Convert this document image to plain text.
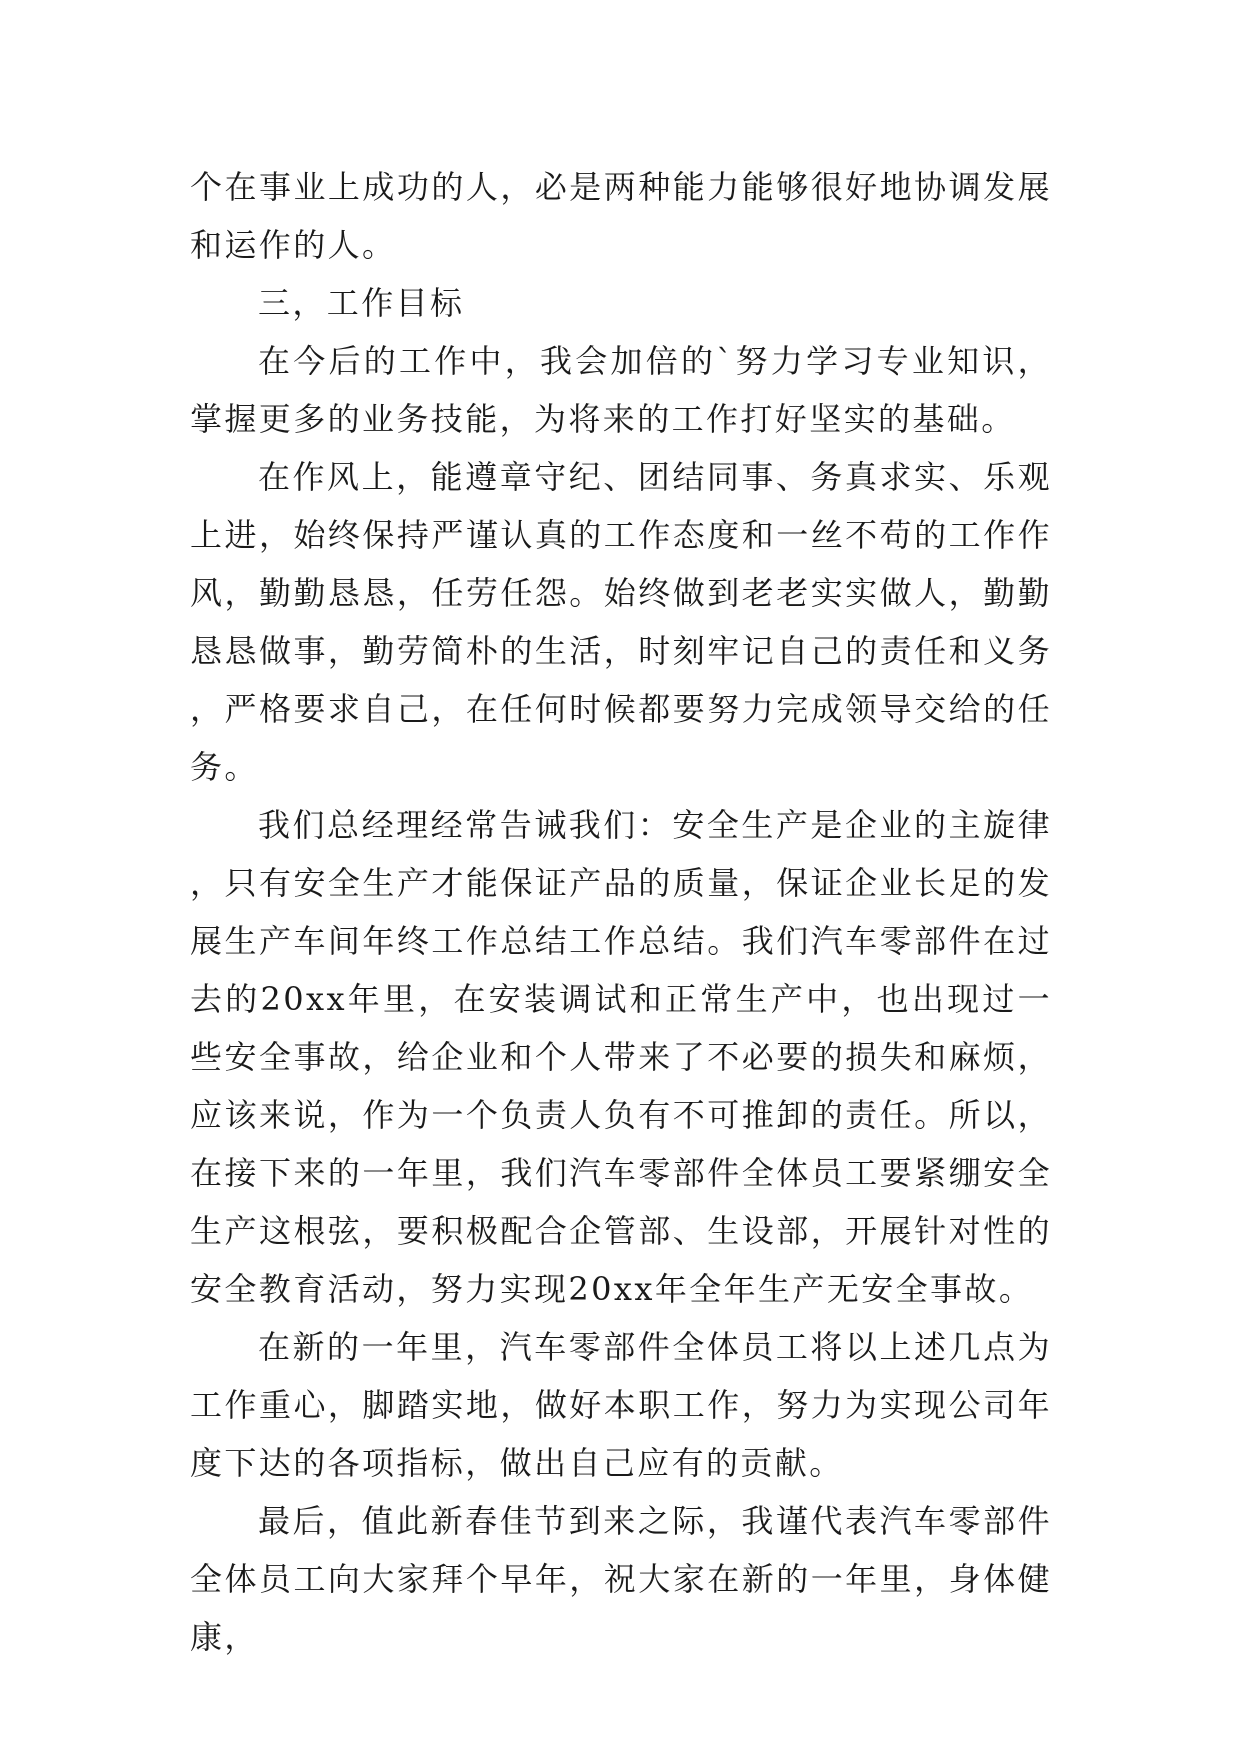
个在事业上成功的人，必是两种能力能够很好地协调发展和运作的人。

三，工作目标

在今后的工作中，我会加倍的`努力学习专业知识，掌握更多的业务技能，为将来的工作打好坚实的基础。

在作风上，能遵章守纪、团结同事、务真求实、乐观上进，始终保持严谨认真的工作态度和一丝不苟的工作作风，勤勤恳恳，任劳任怨。始终做到老老实实做人，勤勤恳恳做事，勤劳简朴的生活，时刻牢记自己的责任和义务，严格要求自己，在任何时候都要努力完成领导交给的任务。

我们总经理经常告诫我们：安全生产是企业的主旋律，只有安全生产才能保证产品的质量，保证企业长足的发展生产车间年终工作总结工作总结。我们汽车零部件在过去的20xx年里，在安装调试和正常生产中，也出现过一些安全事故，给企业和个人带来了不必要的损失和麻烦，应该来说，作为一个负责人负有不可推卸的责任。所以，在接下来的一年里，我们汽车零部件全体员工要紧绷安全生产这根弦，要积极配合企管部、生设部，开展针对性的安全教育活动，努力实现20xx年全年生产无安全事故。

在新的一年里，汽车零部件全体员工将以上述几点为工作重心，脚踏实地，做好本职工作，努力为实现公司年度下达的各项指标，做出自己应有的贡献。

最后，值此新春佳节到来之际，我谨代表汽车零部件全体员工向大家拜个早年，祝大家在新的一年里，身体健康，
